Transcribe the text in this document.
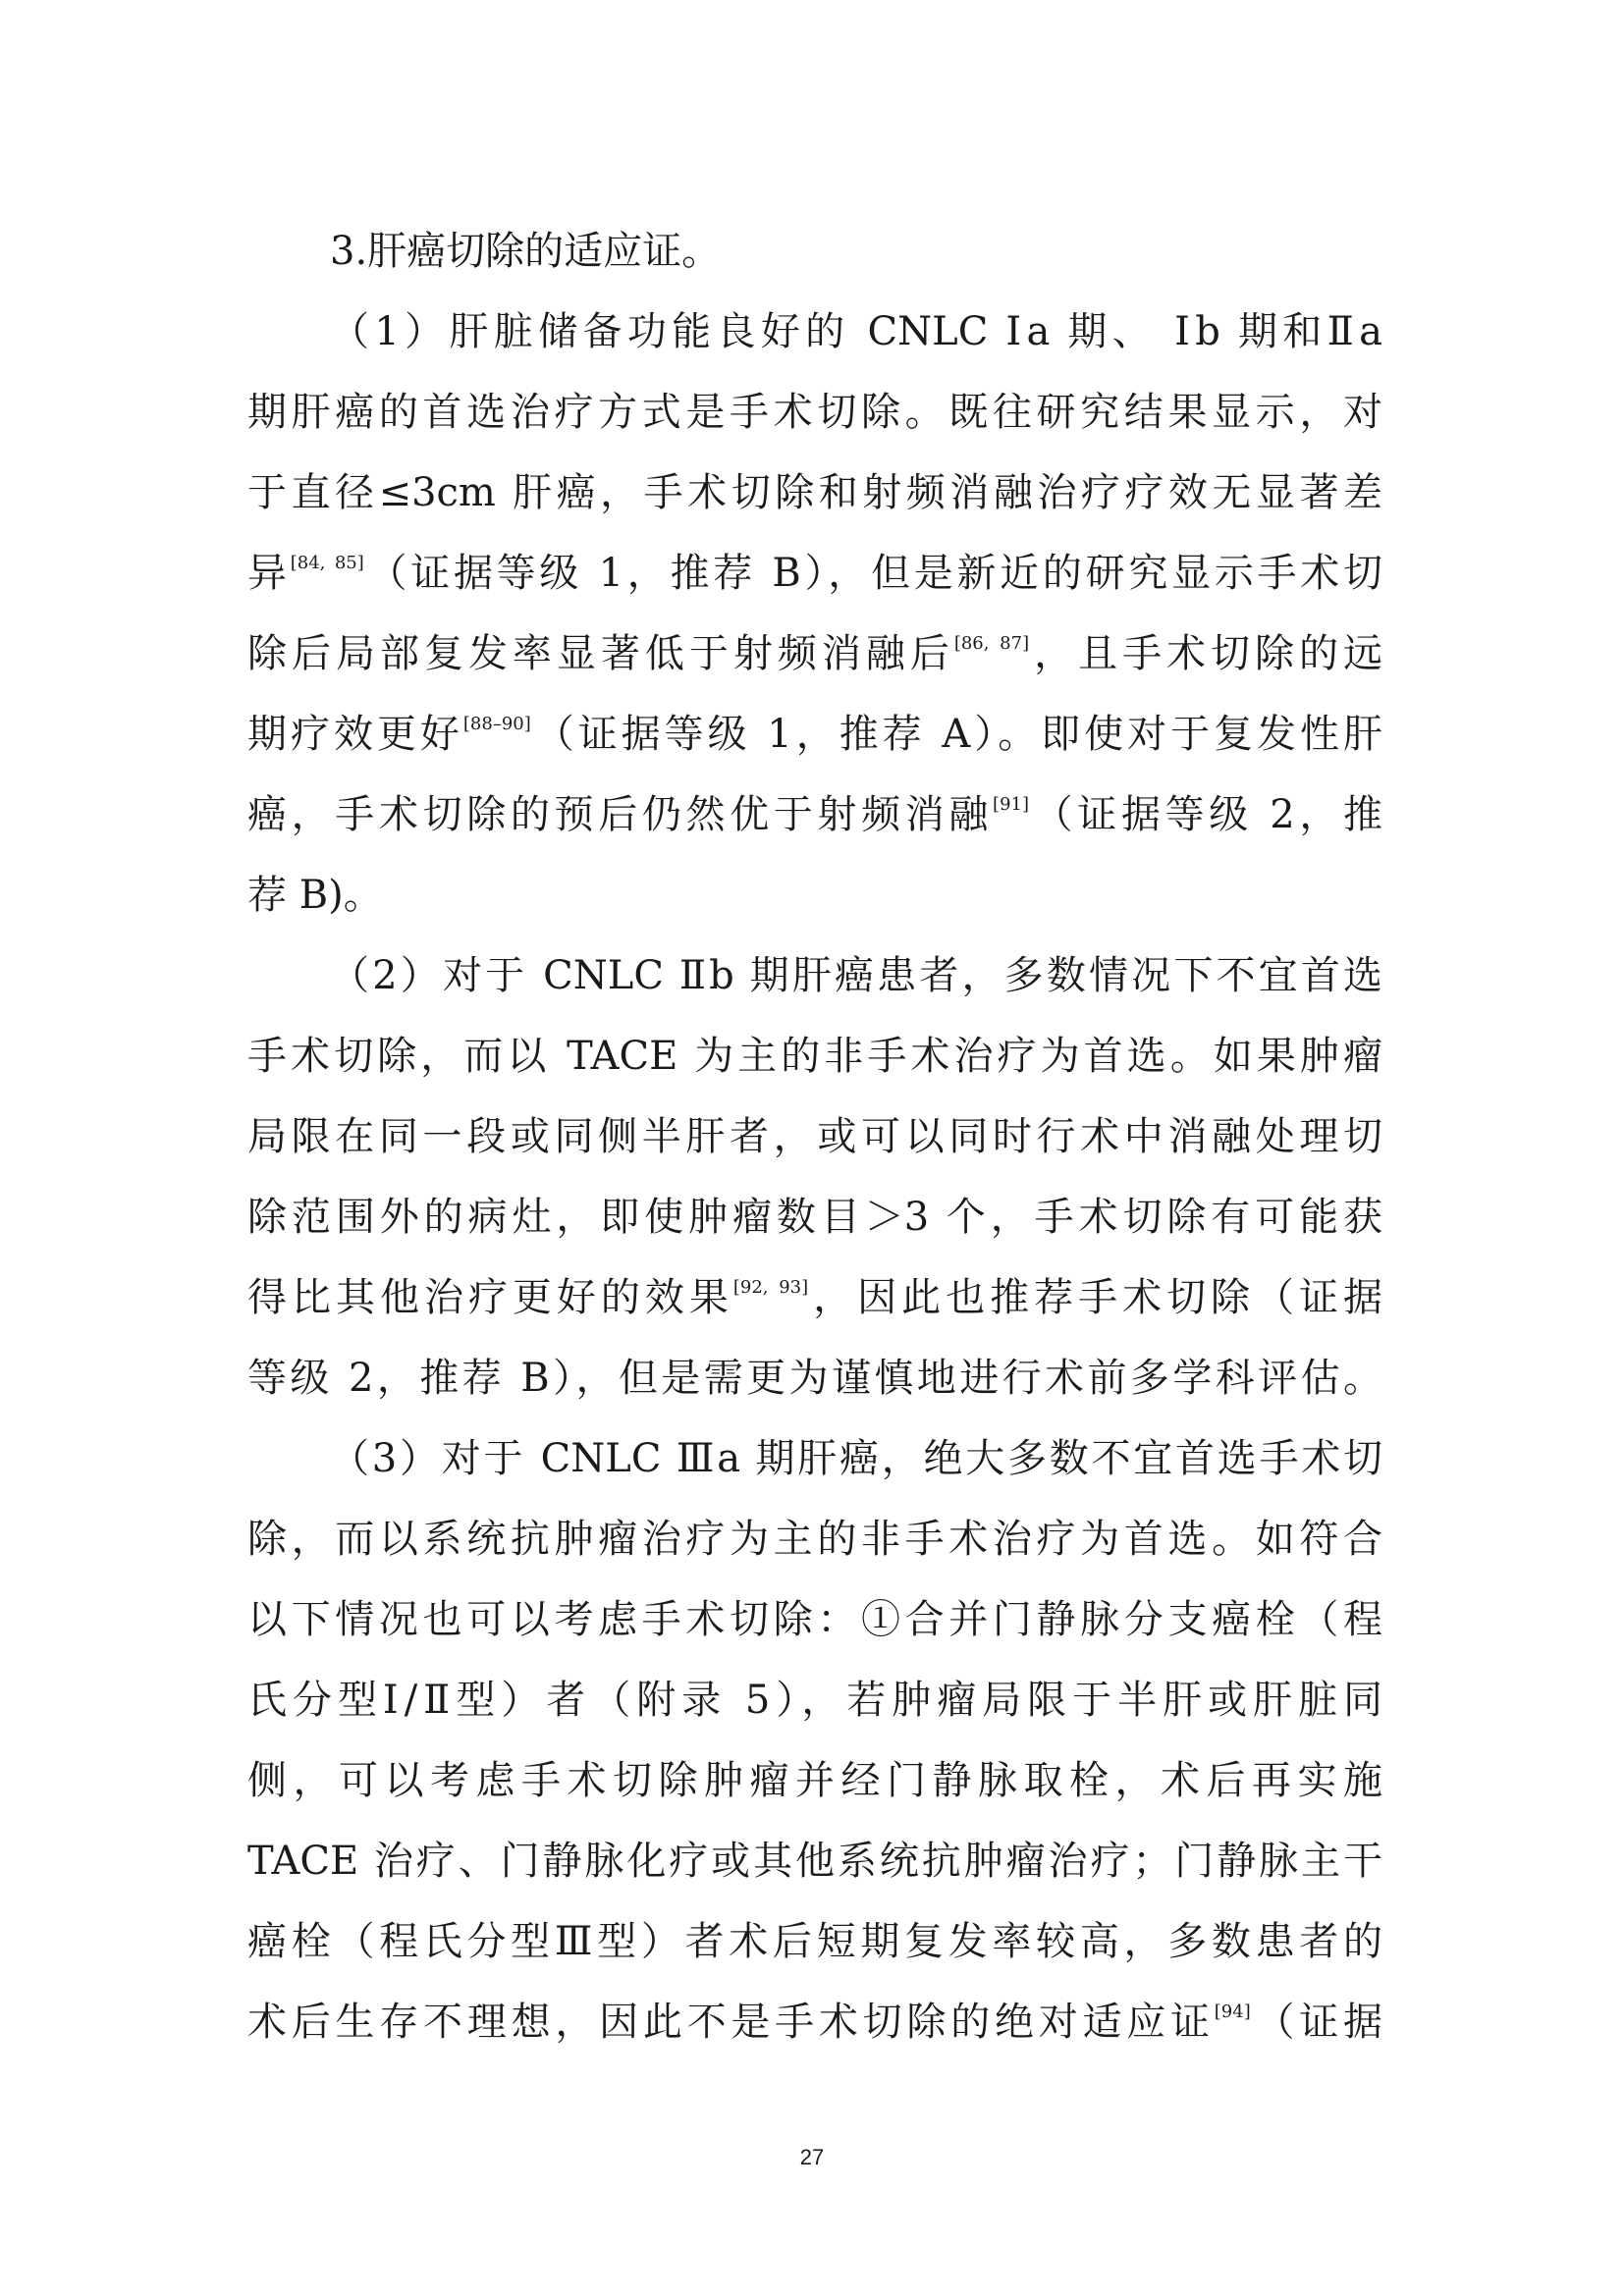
3.肝癌切除的适应证。
（1）肝脏储备功能良好的 CNLC Ⅰa 期、 Ⅰb 期和Ⅱa
期肝癌的首选治疗方式是手术切除。既往研究结果显示，对
于直径≤3cm 肝癌，手术切除和射频消融治疗疗效无显著差
异[84, 85]（证据等级 1，推荐 B），但是新近的研究显示手术切
除后局部复发率显著低于射频消融后[86, 87]，且手术切除的远
期疗效更好[88–90]（证据等级 1，推荐 A）。即使对于复发性肝
癌，手术切除的预后仍然优于射频消融[91]（证据等级 2，推
荐 B)。
（2）对于 CNLC Ⅱb 期肝癌患者，多数情况下不宜首选
手术切除，而以 TACE 为主的非手术治疗为首选。如果肿瘤
局限在同一段或同侧半肝者，或可以同时行术中消融处理切
除范围外的病灶，即使肿瘤数目＞3 个，手术切除有可能获
得比其他治疗更好的效果[92, 93]，因此也推荐手术切除（证据
等级 2，推荐 B），但是需更为谨慎地进行术前多学科评估。
（3）对于 CNLC Ⅲa 期肝癌，绝大多数不宜首选手术切
除，而以系统抗肿瘤治疗为主的非手术治疗为首选。如符合
以下情况也可以考虑手术切除：①合并门静脉分支癌栓（程
氏分型Ⅰ/Ⅱ型）者（附录 5），若肿瘤局限于半肝或肝脏同
侧，可以考虑手术切除肿瘤并经门静脉取栓，术后再实施
TACE 治疗、门静脉化疗或其他系统抗肿瘤治疗；门静脉主干
癌栓（程氏分型Ⅲ型）者术后短期复发率较高，多数患者的
术后生存不理想，因此不是手术切除的绝对适应证[94]（证据
27
